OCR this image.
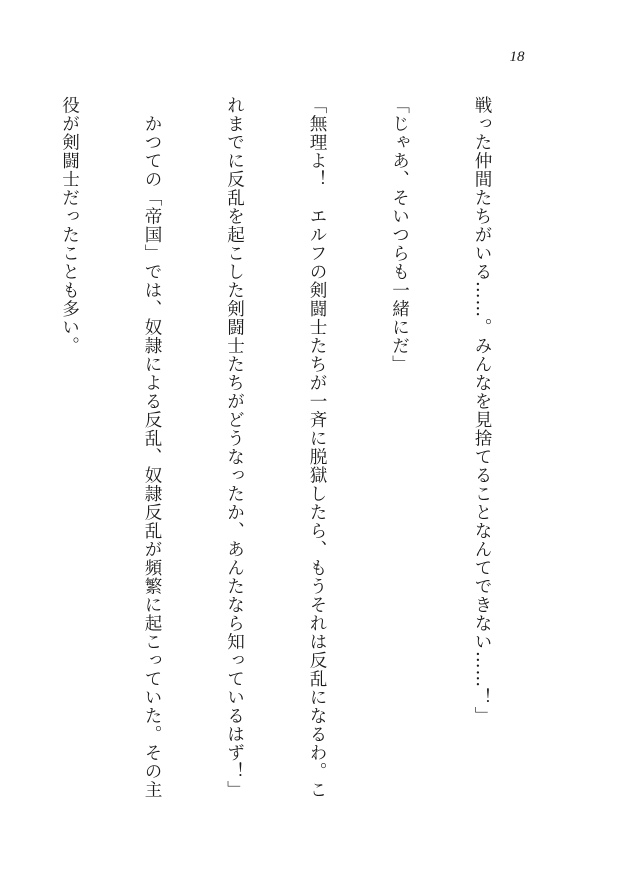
18

戦った仲間たちがいる……。みんなを見捨てることなんてできない……！」

「じゃあ、そいつらも一緒にだ」

「無理よ！　エルフの剣闘士たちが一斉に脱獄したら、もうそれは反乱になるわ。こ

れまでに反乱を起こした剣闘士たちがどうなったか、あんたなら知っているはず！」

　かつての「帝国」では、奴隷による反乱、奴隷反乱が頻繁に起こっていた。その主

役が剣闘士だったことも多い。
